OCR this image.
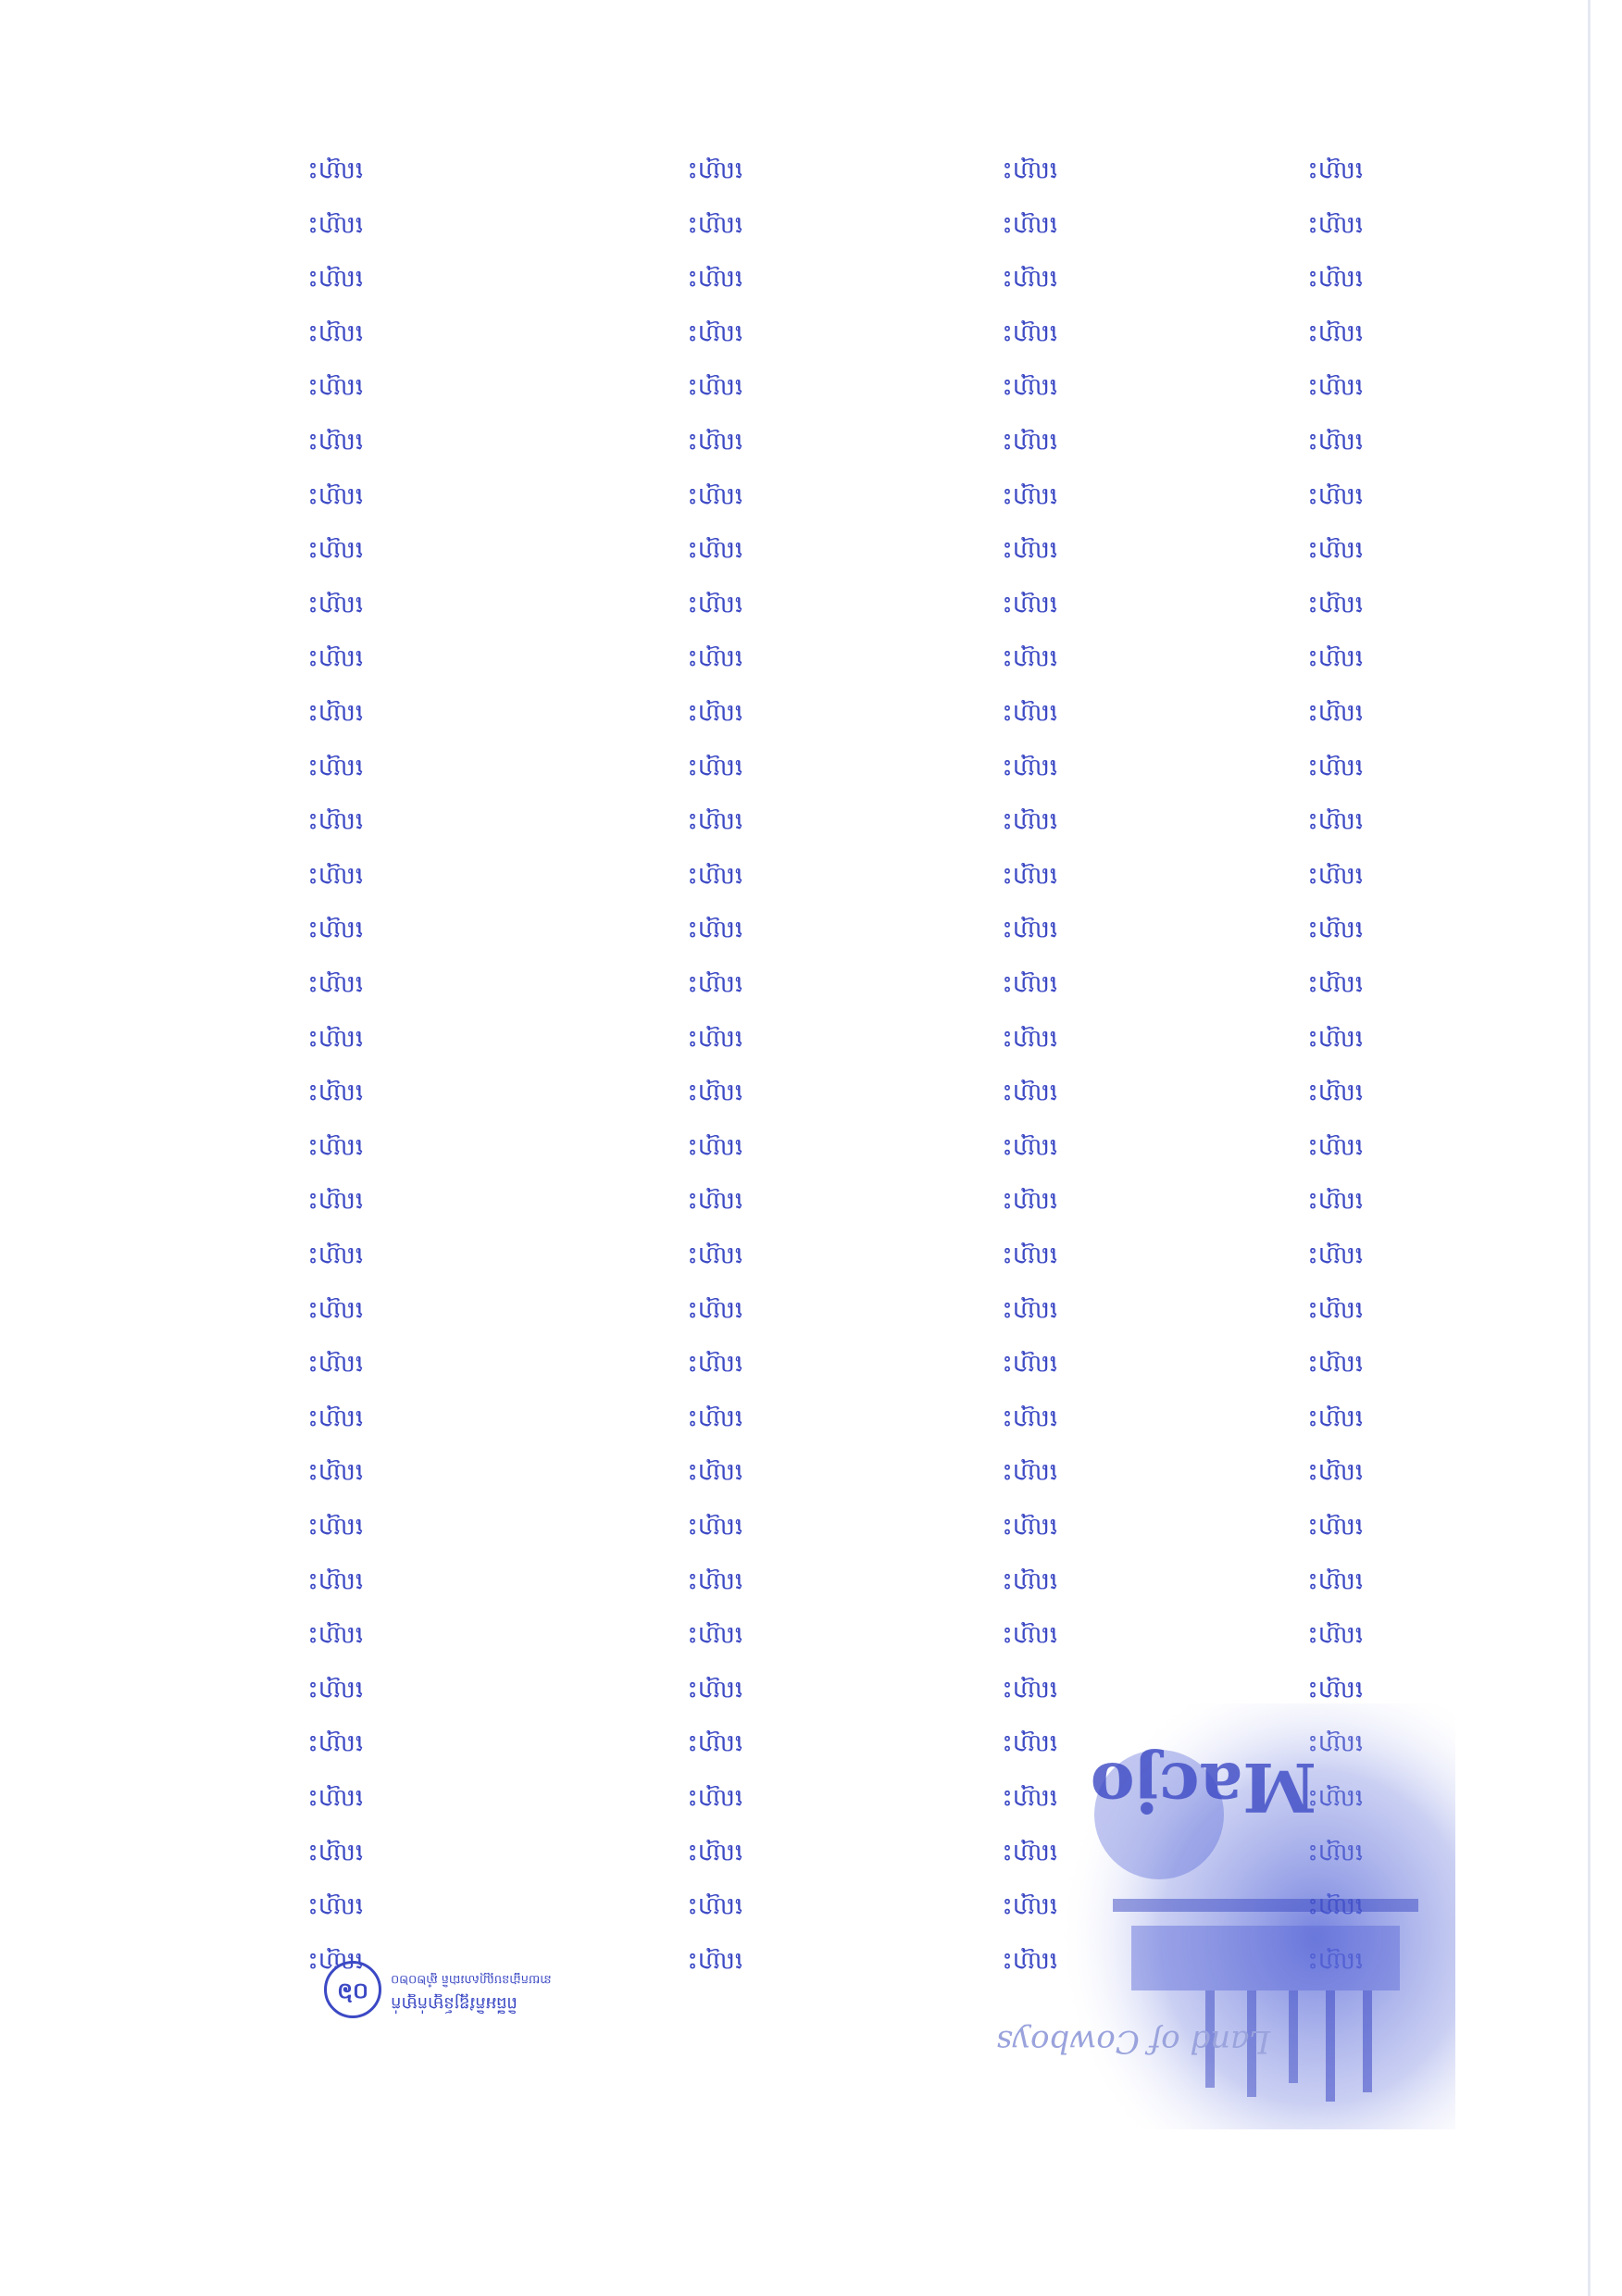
ឈ្មោះ
ឈ្មោះ
ឈ្មោះ
ឈ្មោះ
ឈ្មោះ
ឈ្មោះ
ឈ្មោះ
ឈ្មោះ
ឈ្មោះ
ឈ្មោះ
ឈ្មោះ
ឈ្មោះ
ឈ្មោះ
ឈ្មោះ
ឈ្មោះ
ឈ្មោះ
ឈ្មោះ
ឈ្មោះ
ឈ្មោះ
ឈ្មោះ
ឈ្មោះ
ឈ្មោះ
ឈ្មោះ
ឈ្មោះ
ឈ្មោះ
ឈ្មោះ
ឈ្មោះ
ឈ្មោះ
ឈ្មោះ
ឈ្មោះ
ឈ្មោះ
ឈ្មោះ
ឈ្មោះ
ឈ្មោះ
ឈ្មោះ
ឈ្មោះ
ឈ្មោះ
ឈ្មោះ
ឈ្មោះ
ឈ្មោះ
ឈ្មោះ
ឈ្មោះ
ឈ្មោះ
ឈ្មោះ
ឈ្មោះ
ឈ្មោះ
ឈ្មោះ
ឈ្មោះ
ឈ្មោះ
ឈ្មោះ
ឈ្មោះ
ឈ្មោះ
ឈ្មោះ
ឈ្មោះ
ឈ្មោះ
ឈ្មោះ
ឈ្មោះ
ឈ្មោះ
ឈ្មោះ
ឈ្មោះ
ឈ្មោះ
ឈ្មោះ
ឈ្មោះ
ឈ្មោះ
ឈ្មោះ
ឈ្មោះ
ឈ្មោះ
ឈ្មោះ
ឈ្មោះ
ឈ្មោះ
ឈ្មោះ
ឈ្មោះ
ឈ្មោះ
ឈ្មោះ
ឈ្មោះ
ឈ្មោះ
ឈ្មោះ
ឈ្មោះ
ឈ្មោះ
ឈ្មោះ
ឈ្មោះ
ឈ្មោះ
ឈ្មោះ
ឈ្មោះ
ឈ្មោះ
ឈ្មោះ
ឈ្មោះ
ឈ្មោះ
ឈ្មោះ
ឈ្មោះ
ឈ្មោះ
ឈ្មោះ
ឈ្មោះ
ឈ្មោះ
ឈ្មោះ
ឈ្មោះ
ឈ្មោះ
ឈ្មោះ
ឈ្មោះ
ឈ្មោះ
ឈ្មោះ
ឈ្មោះ
ឈ្មោះ
ឈ្មោះ
ឈ្មោះ
ឈ្មោះ
ឈ្មោះ
ឈ្មោះ
ឈ្មោះ
ឈ្មោះ
ឈ្មោះ
ឈ្មោះ
ឈ្មោះ
ឈ្មោះ
ឈ្មោះ
ឈ្មោះ
ឈ្មោះ
ឈ្មោះ
ឈ្មោះ
ឈ្មោះ
ឈ្មោះ
ឈ្មោះ
ឈ្មោះ
ឈ្មោះ
ឈ្មោះ
ឈ្មោះ
ឈ្មោះ
ឈ្មោះ
ឈ្មោះ
ឈ្មោះ
ឈ្មោះ
Macjo
Land of Cowboys
០៦	ពិធីអភិវឌ្ឍន៍ម្នាក់ម្នាក់
នាយកដ្ឋានបណ្ណសារជាតិ ឆ្នាំ២០២០
